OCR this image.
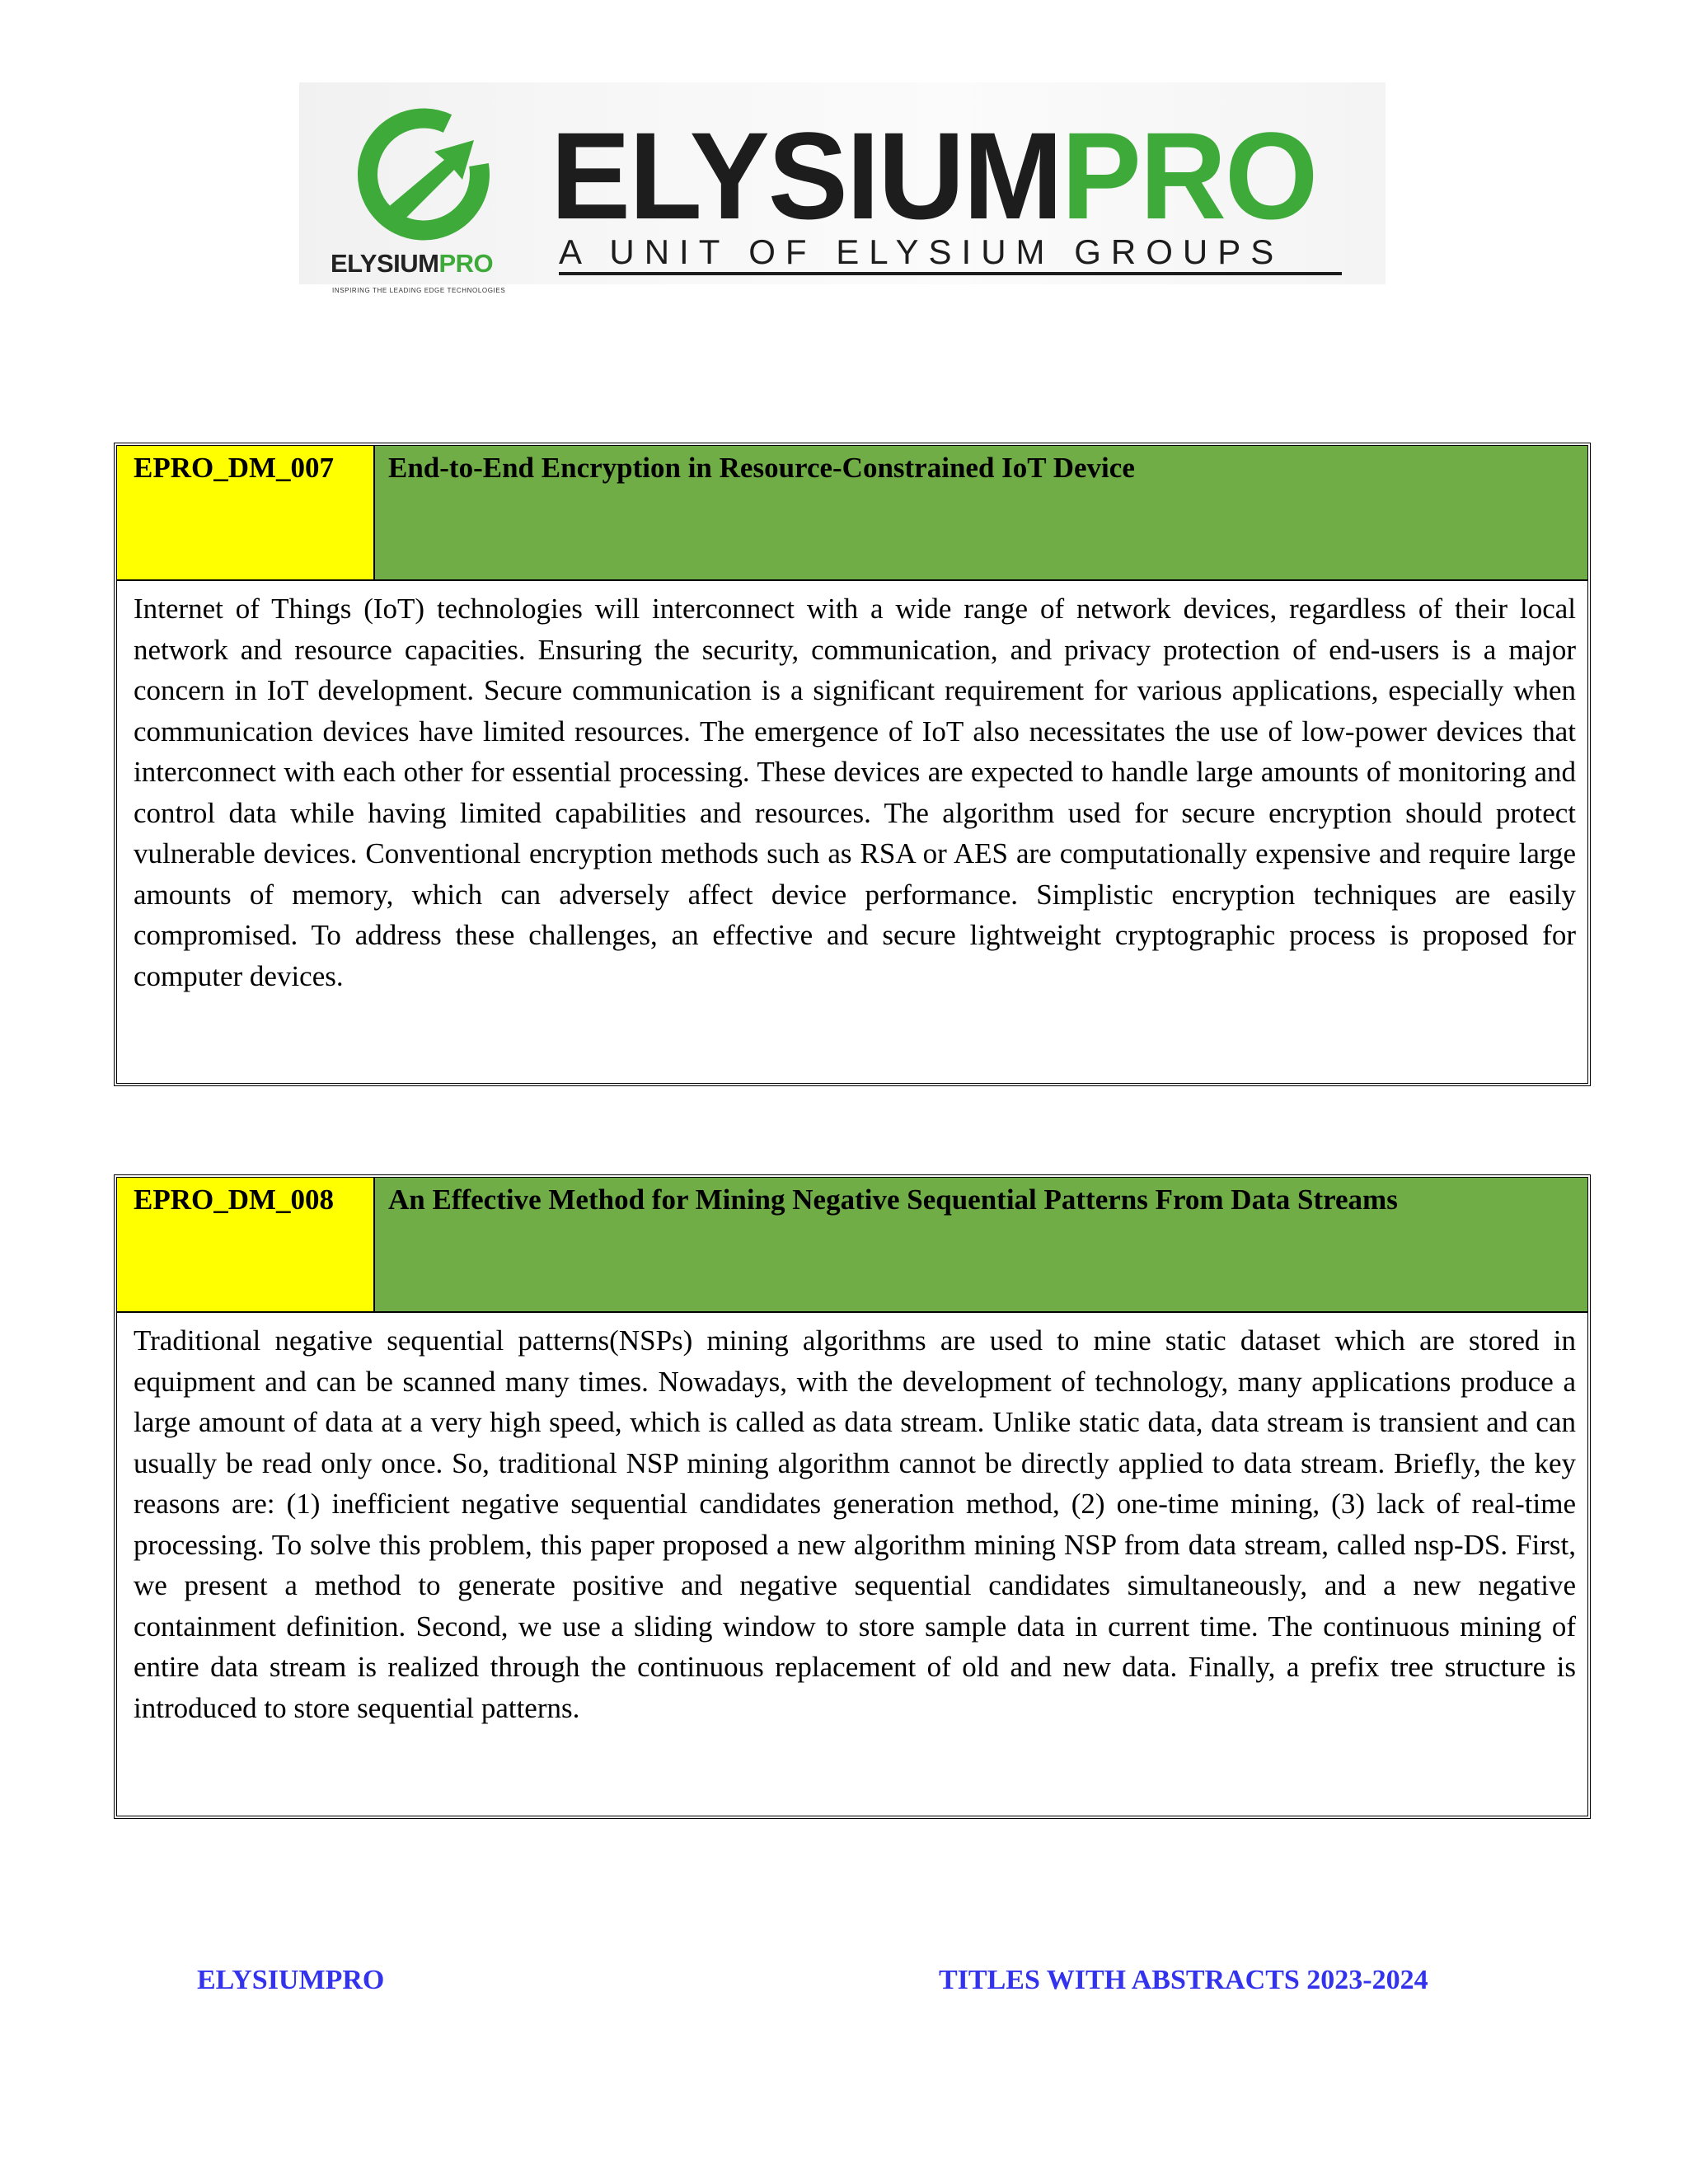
ELYSIUMPRO
INSPIRING THE LEADING EDGE TECHNOLOGIES
ELYSIUMPRO
A UNIT OF ELYSIUM GROUPS
EPRO_DM_007	End-to-End Encryption in Resource-Constrained IoT Device
Internet of Things (IoT) technologies will interconnect with a wide range of network devices, regardless of their local network and resource capacities. Ensuring the security, communication, and privacy protection of end-users is a major concern in IoT development. Secure communication is a significant requirement for various applications, especially when communication devices have limited resources. The emergence of IoT also necessitates the use of low-power devices that interconnect with each other for essential processing. These devices are expected to handle large amounts of monitoring and control data while having limited capabilities and resources. The algorithm used for secure encryption should protect vulnerable devices. Conventional encryption methods such as RSA or AES are computationally expensive and require large amounts of memory, which can adversely affect device performance. Simplistic encryption techniques are easily compromised. To address these challenges, an effective and secure lightweight cryptographic process is proposed for computer devices.
EPRO_DM_008	An Effective Method for Mining Negative Sequential Patterns From Data Streams
Traditional negative sequential patterns(NSPs) mining algorithms are used to mine static dataset which are stored in equipment and can be scanned many times. Nowadays, with the development of technology, many applications produce a large amount of data at a very high speed, which is called as data stream. Unlike static data, data stream is transient and can usually be read only once. So, traditional NSP mining algorithm cannot be directly applied to data stream. Briefly, the key reasons are: (1) inefficient negative sequential candidates generation method, (2) one-time mining, (3) lack of real-time processing. To solve this problem, this paper proposed a new algorithm mining NSP from data stream, called nsp-DS. First, we present a method to generate positive and negative sequential candidates simultaneously, and a new negative containment definition. Second, we use a sliding window to store sample data in current time. The continuous mining of entire data stream is realized through the continuous replacement of old and new data. Finally, a prefix tree structure is introduced to store sequential patterns.
ELYSIUMPRO	TITLES WITH ABSTRACTS 2023-2024
